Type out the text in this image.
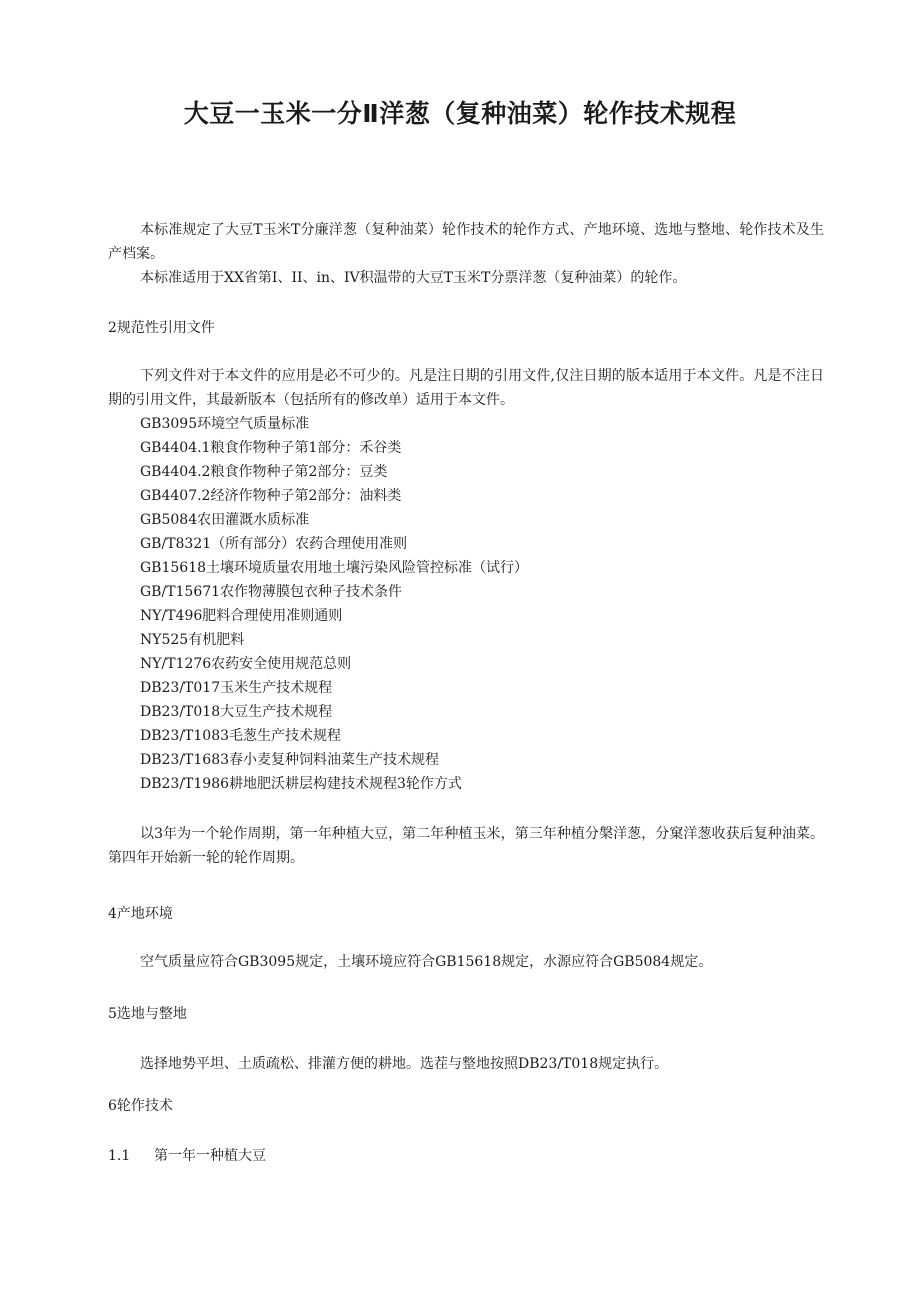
大豆一玉米一分Ⅱ洋葱（复种油菜）轮作技术规程
本标准规定了大豆T玉米T分廉洋葱（复种油菜）轮作技术的轮作方式、产地环境、选地与整地、轮作技术及生产档案。
本标准适用于XX省第I、II、in、IV积温带的大豆T玉米T分票洋葱（复种油菜）的轮作。
2规范性引用文件
下列文件对于本文件的应用是必不可少的。凡是注日期的引用文件,仅注日期的版本适用于本文件。凡是不注日期的引用文件，其最新版本（包括所有的修改单）适用于本文件。
GB3095环境空气质量标准
GB4404.1粮食作物种子第1部分：禾谷类
GB4404.2粮食作物种子第2部分：豆类
GB4407.2经济作物种子第2部分：油料类
GB5084农田灌溉水质标准
GB/T8321（所有部分）农药合理使用准则
GB15618土壤环境质量农用地土壤污染风险管控标准（试行）
GB/T15671农作物薄膜包衣种子技术条件
NY/T496肥料合理使用准则通则
NY525有机肥料
NY/T1276农药安全使用规范总则
DB23/T017玉米生产技术规程
DB23/T018大豆生产技术规程
DB23/T1083毛葱生产技术规程
DB23/T1683春小麦复种饲料油菜生产技术规程
DB23/T1986耕地肥沃耕层构建技术规程3轮作方式
以3年为一个轮作周期，第一年种植大豆，第二年种植玉米，第三年种植分槃洋葱，分窠洋葱收获后复种油菜。第四年开始新一轮的轮作周期。
4产地环境
空气质量应符合GB3095规定，土壤环境应符合GB15618规定，水源应符合GB5084规定。
5选地与整地
选择地势平坦、土质疏松、排灌方便的耕地。选茬与整地按照DB23/T018规定执行。
6轮作技术
1.1 第一年一种植大豆
